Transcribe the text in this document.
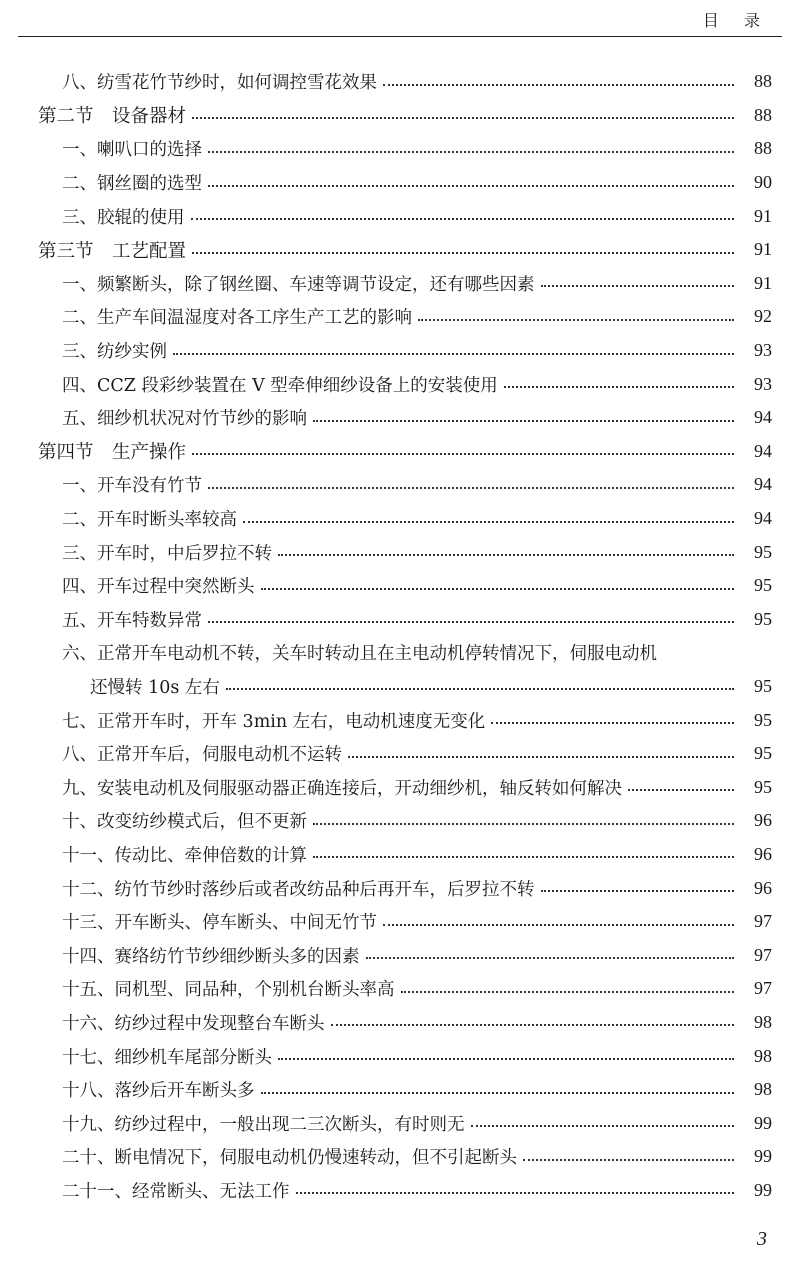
目 录
八、纺雪花竹节纱时，如何调控雪花效果	88
第二节　设备器材	88
一、喇叭口的选择	88
二、钢丝圈的选型	90
三、胶辊的使用	91
第三节　工艺配置	91
一、频繁断头，除了钢丝圈、车速等调节设定，还有哪些因素	91
二、生产车间温湿度对各工序生产工艺的影响	92
三、纺纱实例	93
四、CCZ 段彩纱装置在 V 型牵伸细纱设备上的安装使用	93
五、细纱机状况对竹节纱的影响	94
第四节　生产操作	94
一、开车没有竹节	94
二、开车时断头率较高	94
三、开车时，中后罗拉不转	95
四、开车过程中突然断头	95
五、开车特数异常	95
六、正常开车电动机不转，关车时转动且在主电动机停转情况下，伺服电动机
还慢转 10s 左右	95
七、正常开车时，开车 3min 左右，电动机速度无变化	95
八、正常开车后，伺服电动机不运转	95
九、安装电动机及伺服驱动器正确连接后，开动细纱机，轴反转如何解决	95
十、改变纺纱模式后，但不更新	96
十一、传动比、牵伸倍数的计算	96
十二、纺竹节纱时落纱后或者改纺品种后再开车，后罗拉不转	96
十三、开车断头、停车断头、中间无竹节	97
十四、赛络纺竹节纱细纱断头多的因素	97
十五、同机型、同品种，个别机台断头率高	97
十六、纺纱过程中发现整台车断头	98
十七、细纱机车尾部分断头	98
十八、落纱后开车断头多	98
十九、纺纱过程中，一般出现二三次断头，有时则无	99
二十、断电情况下，伺服电动机仍慢速转动，但不引起断头	99
二十一、经常断头、无法工作	99
3
